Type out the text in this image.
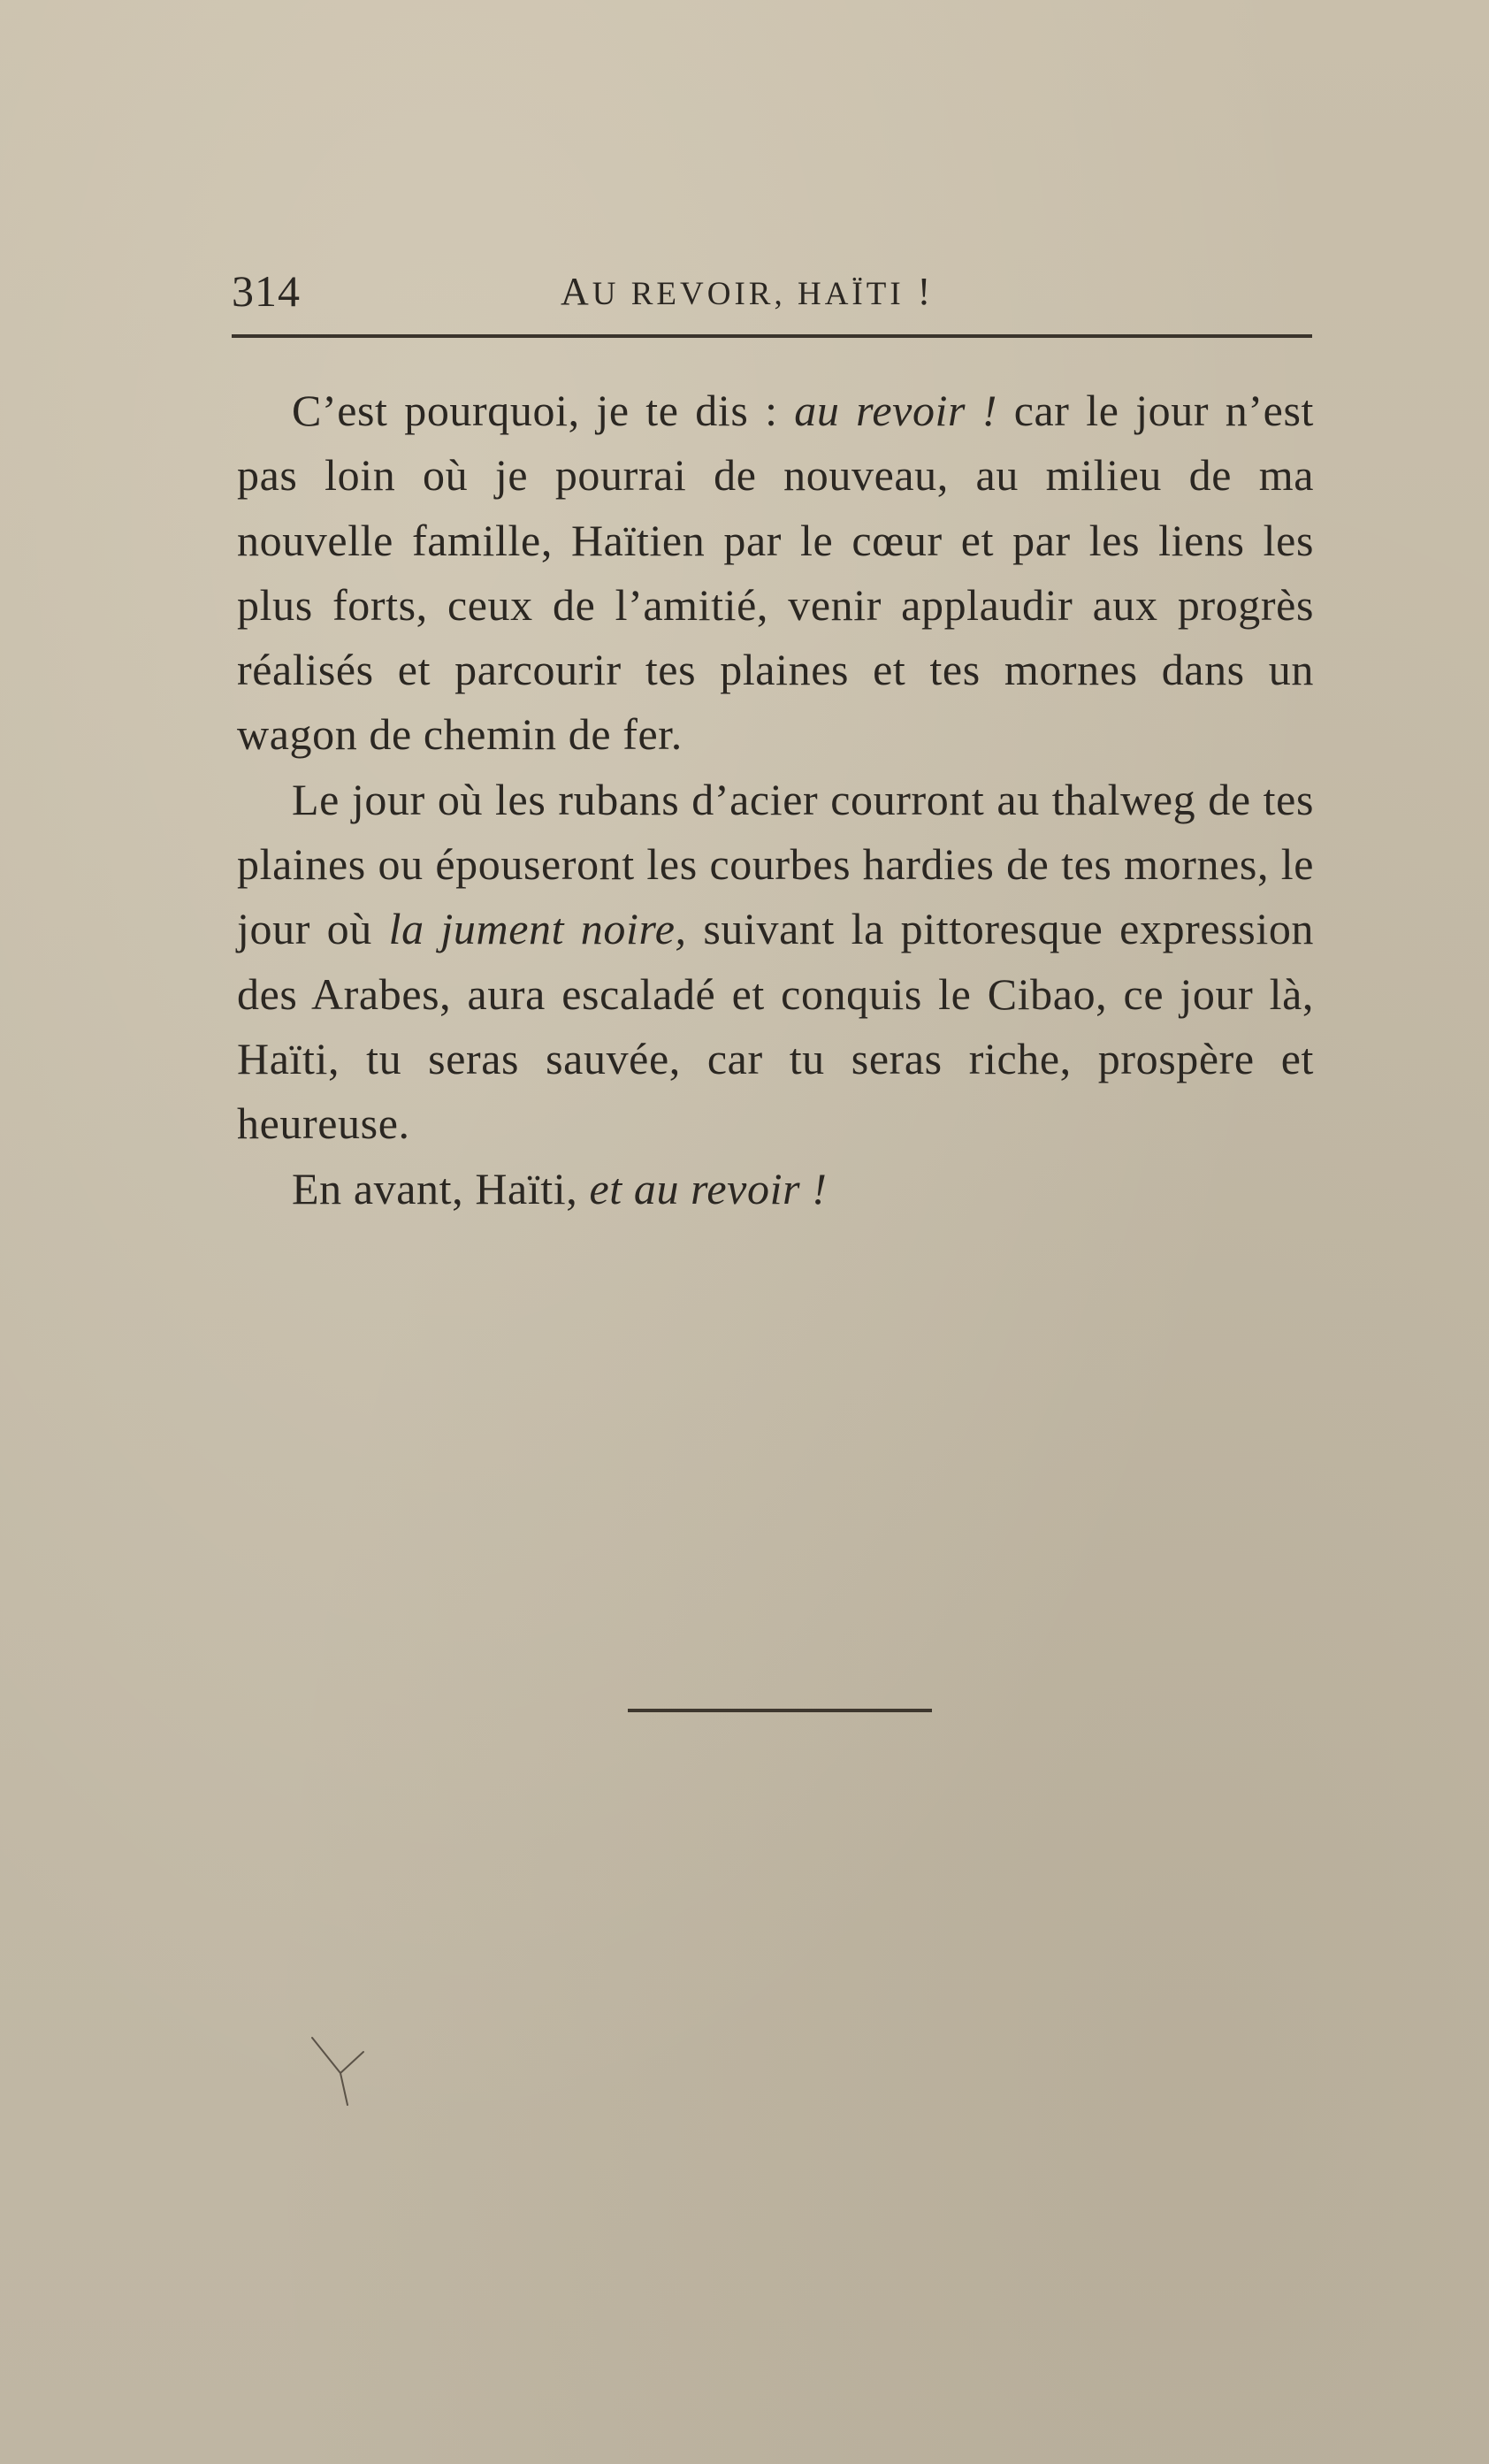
314	AU REVOIR, HAÏTI !

C’est pourquoi, je te dis : au revoir ! car le jour n’est pas loin où je pourrai de nouveau, au milieu de ma nouvelle famille, Haïtien par le cœur et par les liens les plus forts, ceux de l’amitié, venir applaudir aux progrès réalisés et parcourir tes plaines et tes mornes dans un wagon de chemin de fer.

Le jour où les rubans d’acier courront au thalweg de tes plaines ou épouseront les courbes hardies de tes mornes, le jour où la jument noire, suivant la pittoresque expression des Arabes, aura escaladé et conquis le Cibao, ce jour là, Haïti, tu seras sauvée, car tu seras riche, prospère et heureuse.

En avant, Haïti, et au revoir !
